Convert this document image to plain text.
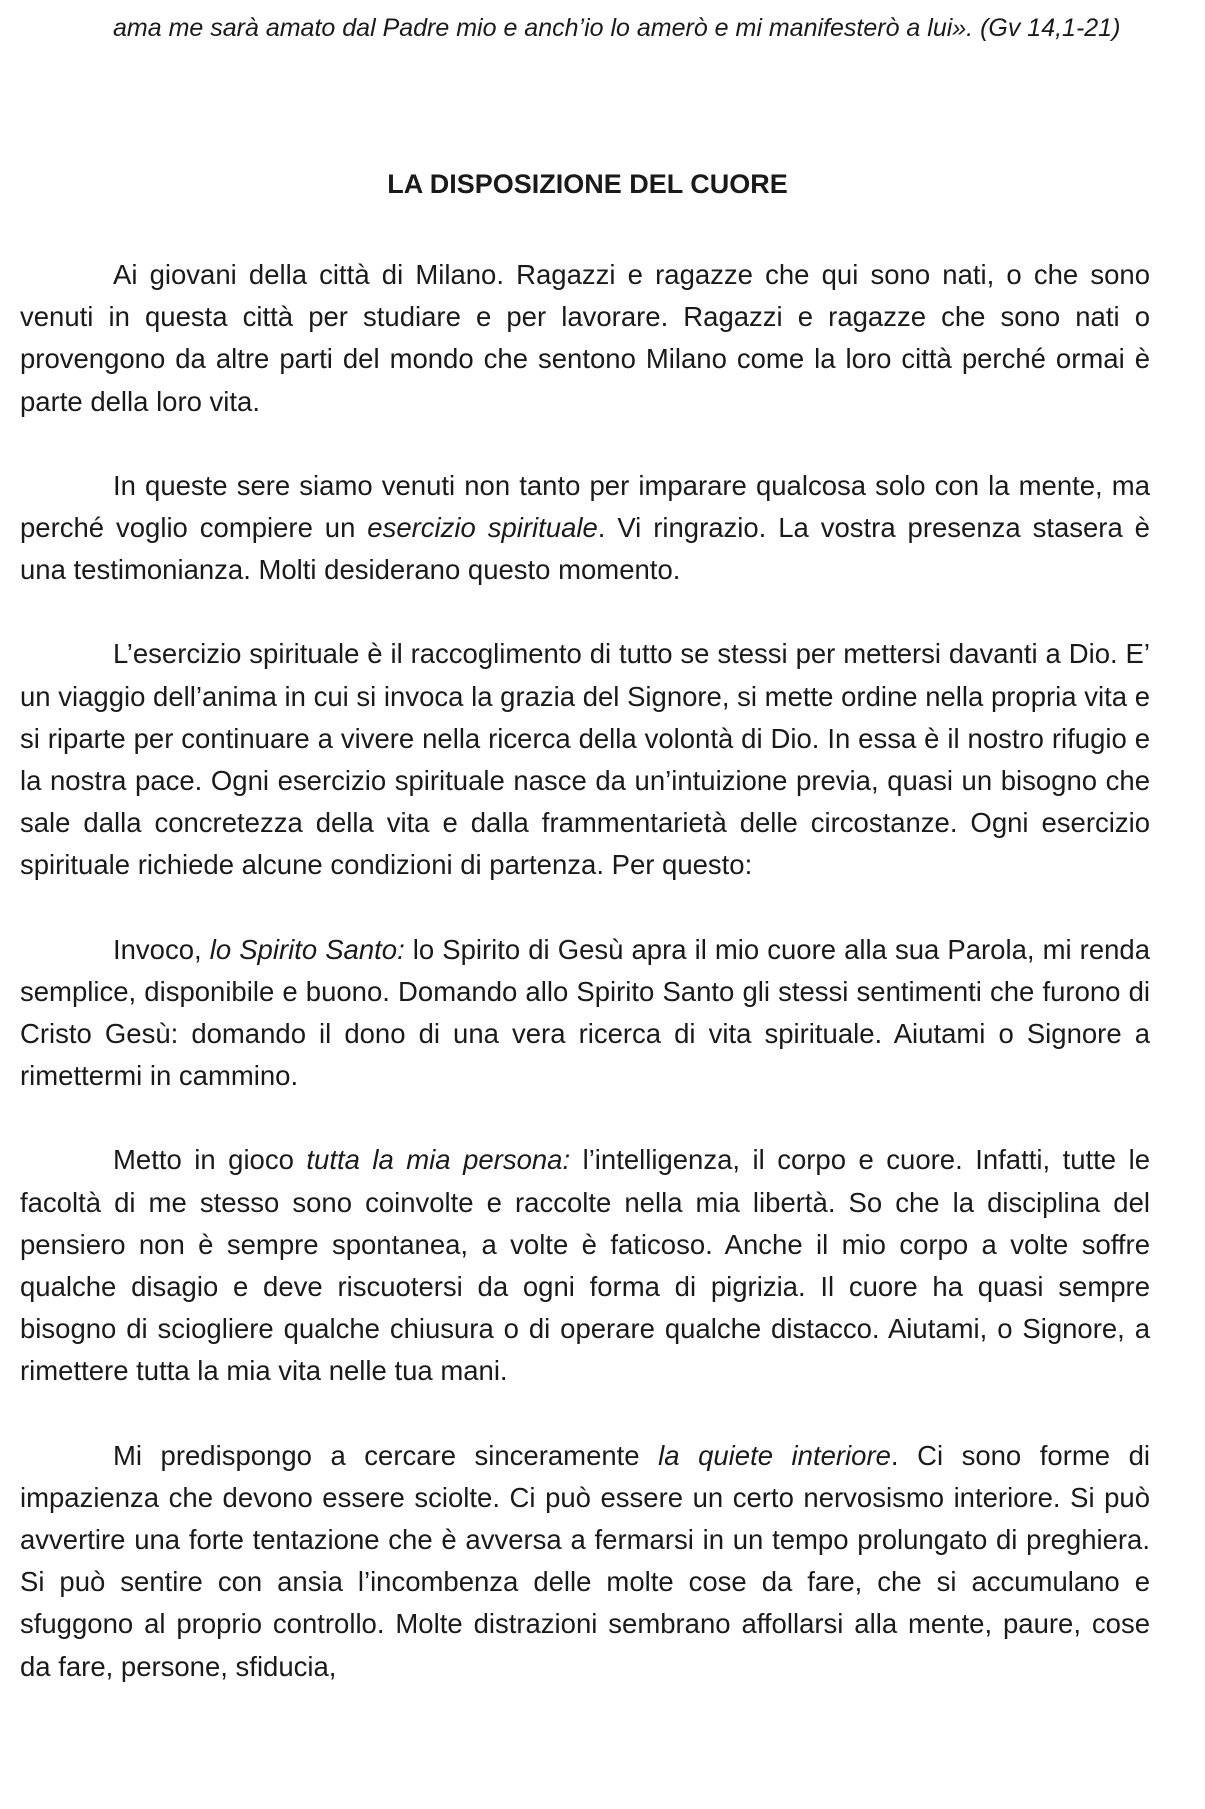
ama me sarà amato dal Padre mio e anch’io lo amerò e mi manifesterò a lui». (Gv 14,1-21)

LA DISPOSIZIONE DEL CUORE

Ai giovani della città di Milano. Ragazzi e ragazze che qui sono nati, o che sono venuti in questa città per studiare e per lavorare. Ragazzi e ragazze che sono nati o provengono da altre parti del mondo che sentono Milano come la loro città perché ormai è parte della loro vita.

In queste sere siamo venuti non tanto per imparare qualcosa solo con la mente, ma perché voglio compiere un esercizio spirituale. Vi ringrazio. La vostra presenza stasera è una testimonianza. Molti desiderano questo momento.

L’esercizio spirituale è il raccoglimento di tutto se stessi per mettersi davanti a Dio. E’ un viaggio dell’anima in cui si invoca la grazia del Signore, si mette ordine nella propria vita e si riparte per continuare a vivere nella ricerca della volontà di Dio. In essa è il nostro rifugio e la nostra pace. Ogni esercizio spirituale nasce da un’intuizione previa, quasi un bisogno che sale dalla concretezza della vita e dalla frammentarietà delle circostanze. Ogni esercizio spirituale richiede alcune condizioni di partenza. Per questo:

Invoco, lo Spirito Santo: lo Spirito di Gesù apra il mio cuore alla sua Parola, mi renda semplice, disponibile e buono. Domando allo Spirito Santo gli stessi sentimenti che furono di Cristo Gesù: domando il dono di una vera ricerca di vita spirituale. Aiutami o Signore a rimettermi in cammino.

Metto in gioco tutta la mia persona: l’intelligenza, il corpo e cuore. Infatti, tutte le facoltà di me stesso sono coinvolte e raccolte nella mia libertà. So che la disciplina del pensiero non è sempre spontanea, a volte è faticoso. Anche il mio corpo a volte soffre qualche disagio e deve riscuotersi da ogni forma di pigrizia. Il cuore ha quasi sempre bisogno di sciogliere qualche chiusura o di operare qualche distacco. Aiutami, o Signore, a rimettere tutta la mia vita nelle tua mani.

Mi predispongo a cercare sinceramente la quiete interiore. Ci sono forme di impazienza che devono essere sciolte. Ci può essere un certo nervosismo interiore. Si può avvertire una forte tentazione che è avversa a fermarsi in un tempo prolungato di preghiera. Si può sentire con ansia l’incombenza delle molte cose da fare, che si accumulano e sfuggono al proprio controllo. Molte distrazioni sembrano affollarsi alla mente, paure, cose da fare, persone, sfiducia,
